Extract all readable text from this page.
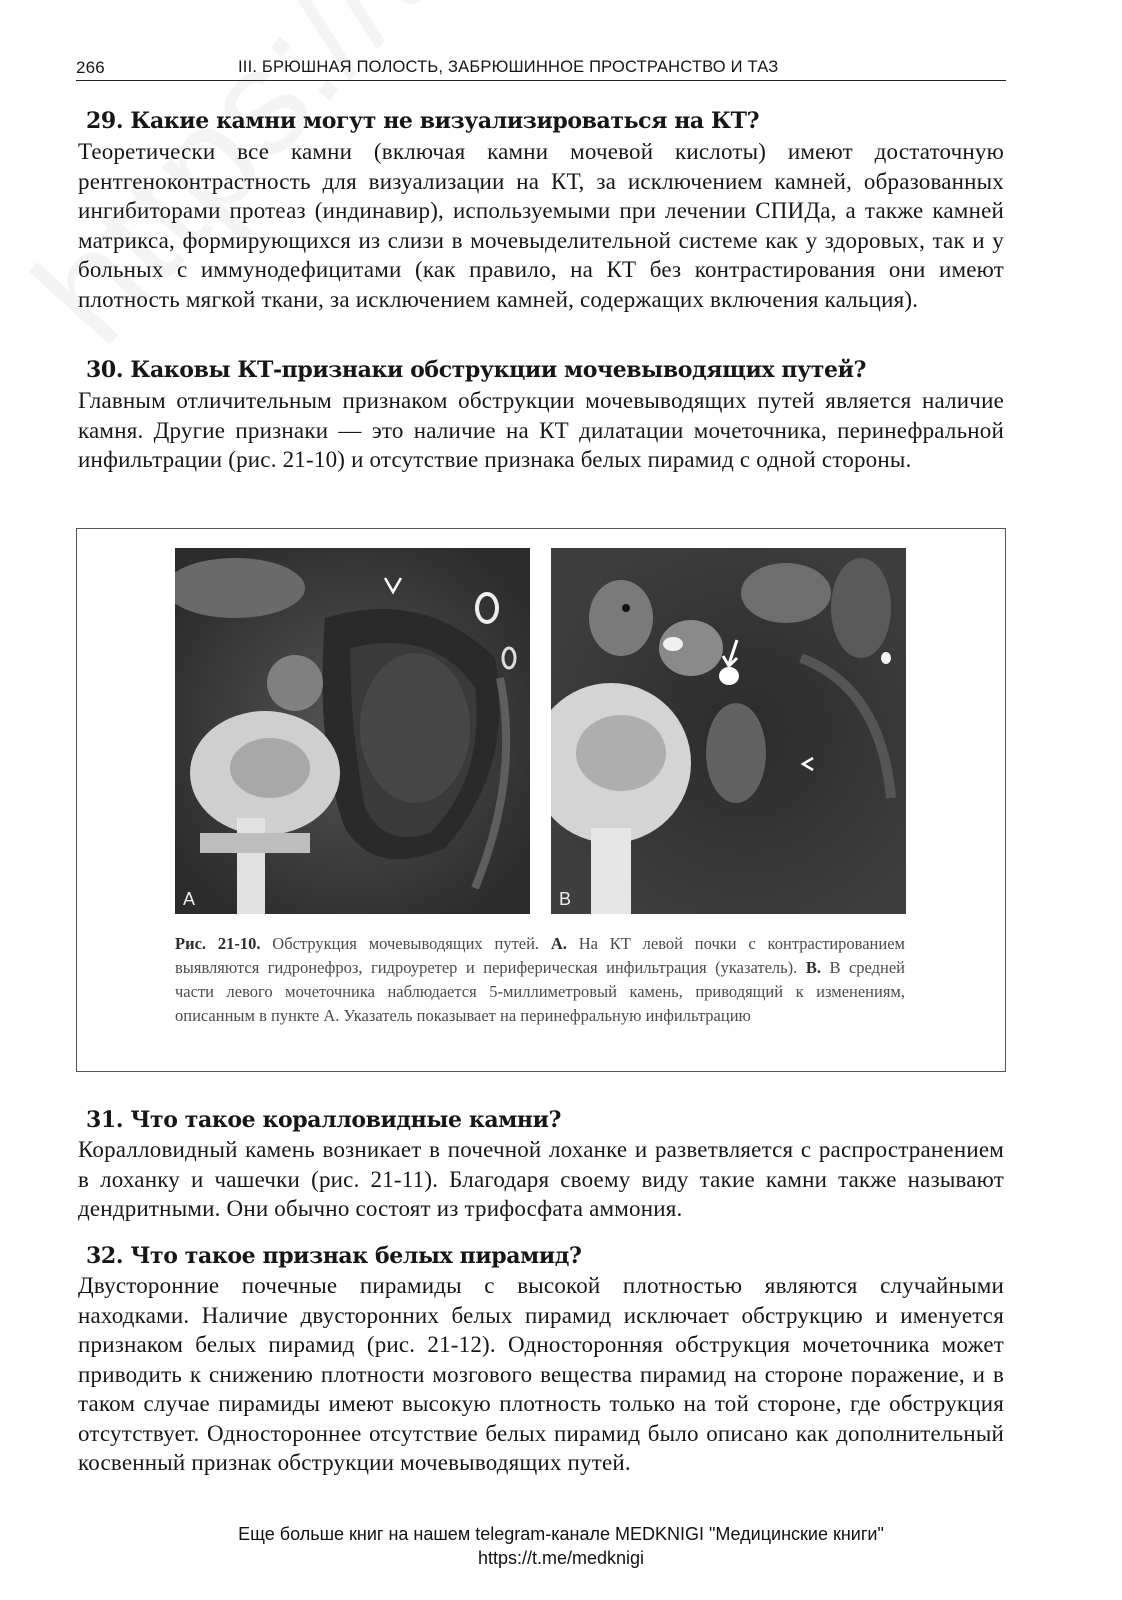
266	III. БРЮШНАЯ ПОЛОСТЬ, ЗАБРЮШИННОЕ ПРОСТРАНСТВО И ТАЗ
29. Какие камни могут не визуализироваться на КТ?
Теоретически все камни (включая камни мочевой кислоты) имеют достаточную рентгеноконтрастность для визуализации на КТ, за исключением камней, образованных ингибиторами протеаз (индинавир), используемыми при лечении СПИДа, а также камней матрикса, формирующихся из слизи в мочевыделительной системе как у здоровых, так и у больных с иммунодефицитами (как правило, на КТ без контрастирования они имеют плотность мягкой ткани, за исключением камней, содержащих включения кальция).
30. Каковы КТ-признаки обструкции мочевыводящих путей?
Главным отличительным признаком обструкции мочевыводящих путей является наличие камня. Другие признаки — это наличие на КТ дилатации мочеточника, перинефральной инфильтрации (рис. 21-10) и отсутствие признака белых пирамид с одной стороны.
A	B
Рис. 21-10. Обструкция мочевыводящих путей. A. На КТ левой почки с контрастированием выявляются гидронефроз, гидроуретер и периферическая инфильтрация (указатель). B. В средней части левого мочеточника наблюдается 5-миллиметровый камень, приводящий к изменениям, описанным в пункте А. Указатель показывает на перинефральную инфильтрацию
31. Что такое коралловидные камни?
Коралловидный камень возникает в почечной лоханке и разветвляется с распространением в лоханку и чашечки (рис. 21-11). Благодаря своему виду такие камни также называют дендритными. Они обычно состоят из трифосфата аммония.
32. Что такое признак белых пирамид?
Двусторонние почечные пирамиды с высокой плотностью являются случайными находками. Наличие двусторонних белых пирамид исключает обструкцию и именуется признаком белых пирамид (рис. 21-12). Односторонняя обструкция мочеточника может приводить к снижению плотности мозгового вещества пирамид на стороне поражение, и в таком случае пирамиды имеют высокую плотность только на той стороне, где обструкция отсутствует. Одностороннее отсутствие белых пирамид было описано как дополнительный косвенный признак обструкции мочевыводящих путей.
Еще больше книг на нашем telegram-канале MEDKNIGI "Медицинские книги"
https://t.me/medknigi
